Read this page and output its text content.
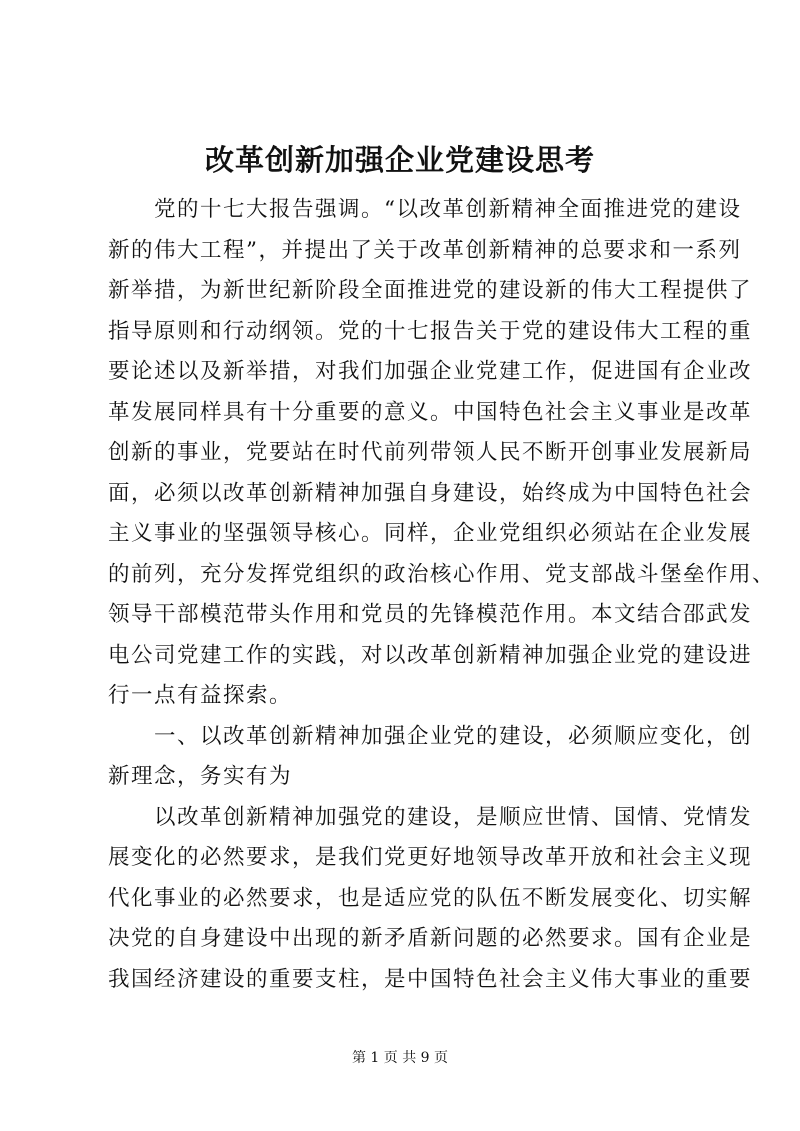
改革创新加强企业党建设思考
　　党的十七大报告强调。“以改革创新精神全面推进党的建设
新的伟大工程”，并提出了关于改革创新精神的总要求和一系列
新举措，为新世纪新阶段全面推进党的建设新的伟大工程提供了
指导原则和行动纲领。党的十七报告关于党的建设伟大工程的重
要论述以及新举措，对我们加强企业党建工作，促进国有企业改
革发展同样具有十分重要的意义。中国特色社会主义事业是改革
创新的事业，党要站在时代前列带领人民不断开创事业发展新局
面，必须以改革创新精神加强自身建设，始终成为中国特色社会
主义事业的坚强领导核心。同样，企业党组织必须站在企业发展
的前列，充分发挥党组织的政治核心作用、党支部战斗堡垒作用、
领导干部模范带头作用和党员的先锋模范作用。本文结合邵武发
电公司党建工作的实践，对以改革创新精神加强企业党的建设进
行一点有益探索。
　　一、以改革创新精神加强企业党的建设，必须顺应变化，创
新理念，务实有为
　　以改革创新精神加强党的建设，是顺应世情、国情、党情发
展变化的必然要求，是我们党更好地领导改革开放和社会主义现
代化事业的必然要求，也是适应党的队伍不断发展变化、切实解
决党的自身建设中出现的新矛盾新问题的必然要求。国有企业是
我国经济建设的重要支柱，是中国特色社会主义伟大事业的重要
第 1 页 共 9 页
